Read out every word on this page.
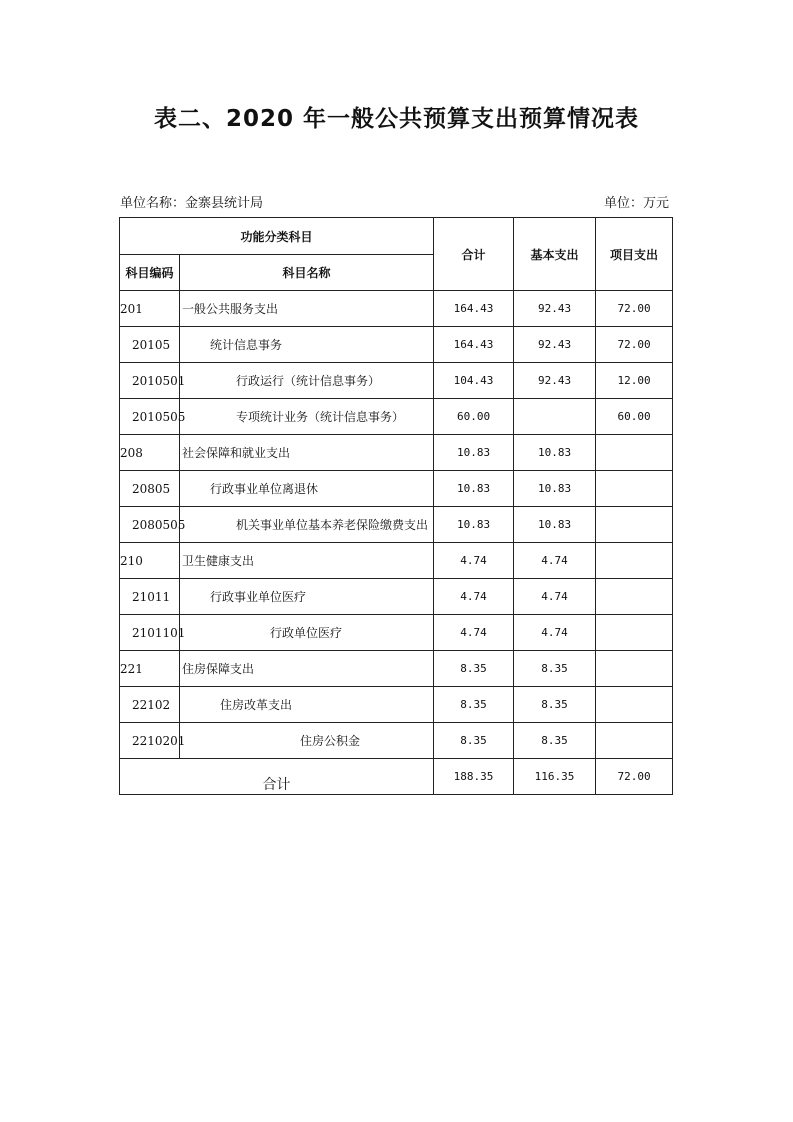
表二、2020 年一般公共预算支出预算情况表
单位名称：金寨县统计局	单位：万元
功能分类科目		合计	基本支出	项目支出
科目编码	科目名称			
201	一般公共服务支出	164.43	92.43	72.00
20105	统计信息事务	164.43	92.43	72.00
2010501	行政运行（统计信息事务）	104.43	92.43	12.00
2010505	专项统计业务（统计信息事务）	60.00		60.00
208	社会保障和就业支出	10.83	10.83	
20805	行政事业单位离退休	10.83	10.83	
2080505	机关事业单位基本养老保险缴费支出	10.83	10.83	
210	卫生健康支出	4.74	4.74	
21011	行政事业单位医疗	4.74	4.74	
2101101	行政单位医疗	4.74	4.74	
221	住房保障支出	8.35	8.35	
22102	住房改革支出	8.35	8.35	
2210201	住房公积金	8.35	8.35	
合计		188.35	116.35	72.00
